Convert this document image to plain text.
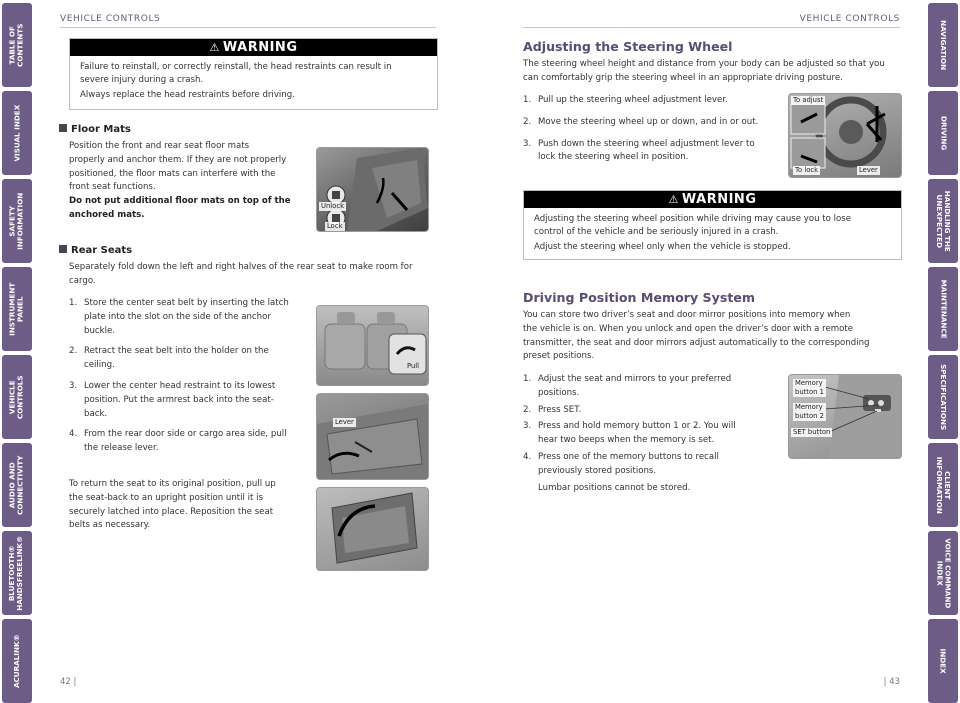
TABLE OF
CONTENTS
VISUAL INDEX
SAFETY
INFORMATION
INSTRUMENT
PANEL
VEHICLE
CONTROLS
AUDIO AND
CONNECTIVITY
BLUETOOTH®
HANDSFREELINK®
ACURALINK®
NAVIGATION
DRIVING
HANDLING THE
UNEXPECTED
MAINTENANCE
SPECIFICATIONS
CLIENT
INFORMATION
VOICE COMMAND
INDEX
INDEX
VEHICLE CONTROLS
⚠ WARNING

Failure to reinstall, or correctly reinstall, the head restraints can result in

severe injury during a crash.

Always replace the head restraints before driving.

Floor Mats
Position the front and rear seat floor mats
properly and anchor them. If they are not properly
positioned, the floor mats can interfere with the
front seat functions.
Do not put additional floor mats on top of the
anchored mats.
Unlock
Lock
Rear Seats
Separately fold down the left and right halves of the rear seat to make room for
cargo.
1. Store the center seat belt by inserting the latch
plate into the slot on the side of the anchor
buckle.
2. Retract the seat belt into the holder on the
ceiling.
3. Lower the center head restraint to its lowest
position. Put the armrest back into the seat-
back.
4. From the rear door side or cargo area side, pull
the release lever.
To return the seat to its original position, pull up
the seat-back to an upright position until it is
securely latched into place. Reposition the seat
belts as necessary.
Pull
Lever
42 |
VEHICLE CONTROLS
Adjusting the Steering Wheel
The steering wheel height and distance from your body can be adjusted so that you
can comfortably grip the steering wheel in an appropriate driving posture.
1. Pull up the steering wheel adjustment lever.
2. Move the steering wheel up or down, and in or out.
3. Push down the steering wheel adjustment lever to
lock the steering wheel in position.
To adjust
To lock	Lever
⚠ WARNING

Adjusting the steering wheel position while driving may cause you to lose

control of the vehicle and be seriously injured in a crash.

Adjust the steering wheel only when the vehicle is stopped.

Driving Position Memory System
You can store two driver’s seat and door mirror positions into memory when
the vehicle is on. When you unlock and open the driver’s door with a remote
transmitter, the seat and door mirrors adjust automatically to the corresponding
preset positions.
1. Adjust the seat and mirrors to your preferred
positions.
2. Press SET.
3. Press and hold memory button 1 or 2. You will
hear two beeps when the memory is set.
4. Press one of the memory buttons to recall
previously stored positions.
Lumbar positions cannot be stored.
Memory
button 1
Memory
button 2
SET button
| 43
